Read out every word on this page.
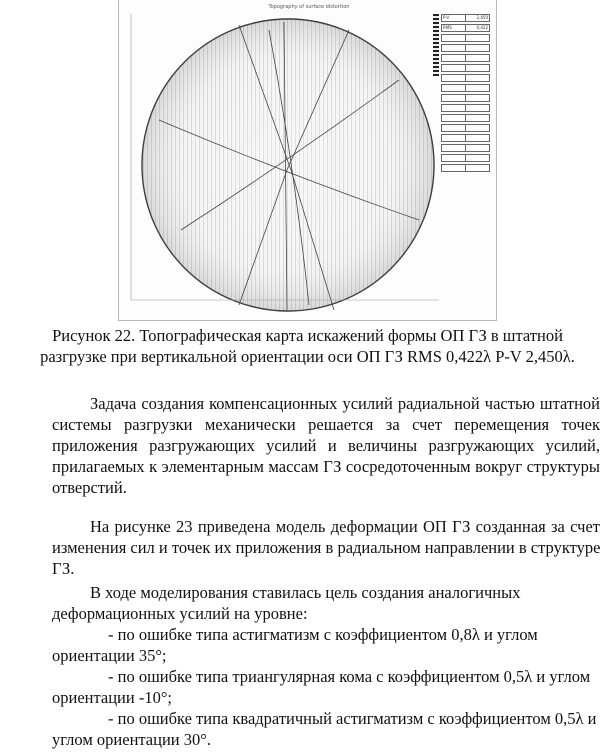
Topography of surface distortion
P-V	2,450
RMS	0,422
Рисунок 22. Топографическая карта искажений формы ОП ГЗ в штатной
разгрузке при вертикальной ориентации оси ОП ГЗ RMS 0,422λ P-V 2,450λ.
Задача создания компенсационных усилий радиальной частью штатной
системы разгрузки механически решается за счет перемещения точек
приложения разгружающих усилий и величины разгружающих усилий,
прилагаемых к элементарным массам ГЗ сосредоточенным вокруг структуры
отверстий.
На рисунке 23 приведена модель деформации ОП ГЗ созданная за счет
изменения сил и точек их приложения в радиальном направлении в структуре
ГЗ.
В ходе моделирования ставилась цель создания аналогичных
деформационных усилий на уровне:
- по ошибке типа астигматизм с коэффициентом 0,8λ и углом
ориентации 35°;
- по ошибке типа триангулярная кома с коэффициентом 0,5λ и углом
ориентации -10°;
- по ошибке типа квадратичный астигматизм с коэффициентом 0,5λ и
углом ориентации 30°.
